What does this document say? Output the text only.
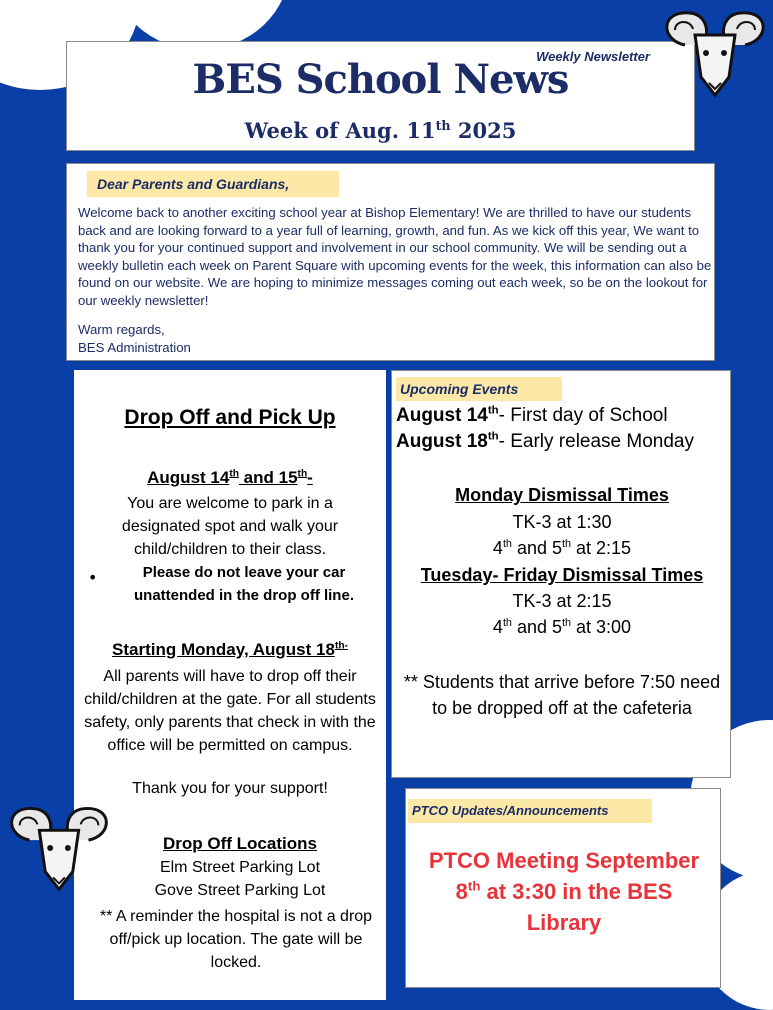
Weekly Newsletter
BES School News
Week of Aug. 11th 2025
Dear Parents and Guardians,

Welcome back to another exciting school year at Bishop Elementary! We are thrilled to have our students back and are looking forward to a year full of learning, growth, and fun. As we kick off this year, We want to thank you for your continued support and involvement in our school community. We will be sending out a weekly bulletin each week on Parent Square with upcoming events for the week, this information can also be found on our website. We are hoping to minimize messages coming out each week, so be on the lookout for our weekly newsletter!

Warm regards,

BES Administration

Drop Off and Pick Up
August 14th and 15th-

You are welcome to park in a designated spot and walk your child/children to their class.

•	Please do not leave your car unattended in the drop off line.

Starting Monday, August $18^{th-}$

All parents will have to drop off their child/children at the gate. For all students safety, only parents that check in with the office will be permitted on campus.

Thank you for your support!

Drop Off Locations

Elm Street Parking Lot

Gove Street Parking Lot

** A reminder the hospital is not a drop off/pick up location. The gate will be locked.

Upcoming Events
August 14th- First day of School
August 18th- Early release Monday
Monday Dismissal Times
TK-3 at 1:30
4th and 5th at 2:15
Tuesday- Friday Dismissal Times
TK-3 at 2:15
4th and 5th at 3:00

** Students that arrive before 7:50 need to be dropped off at the cafeteria

PTCO Updates/Announcements
PTCO Meeting September
8th at 3:30 in the BES
Library
